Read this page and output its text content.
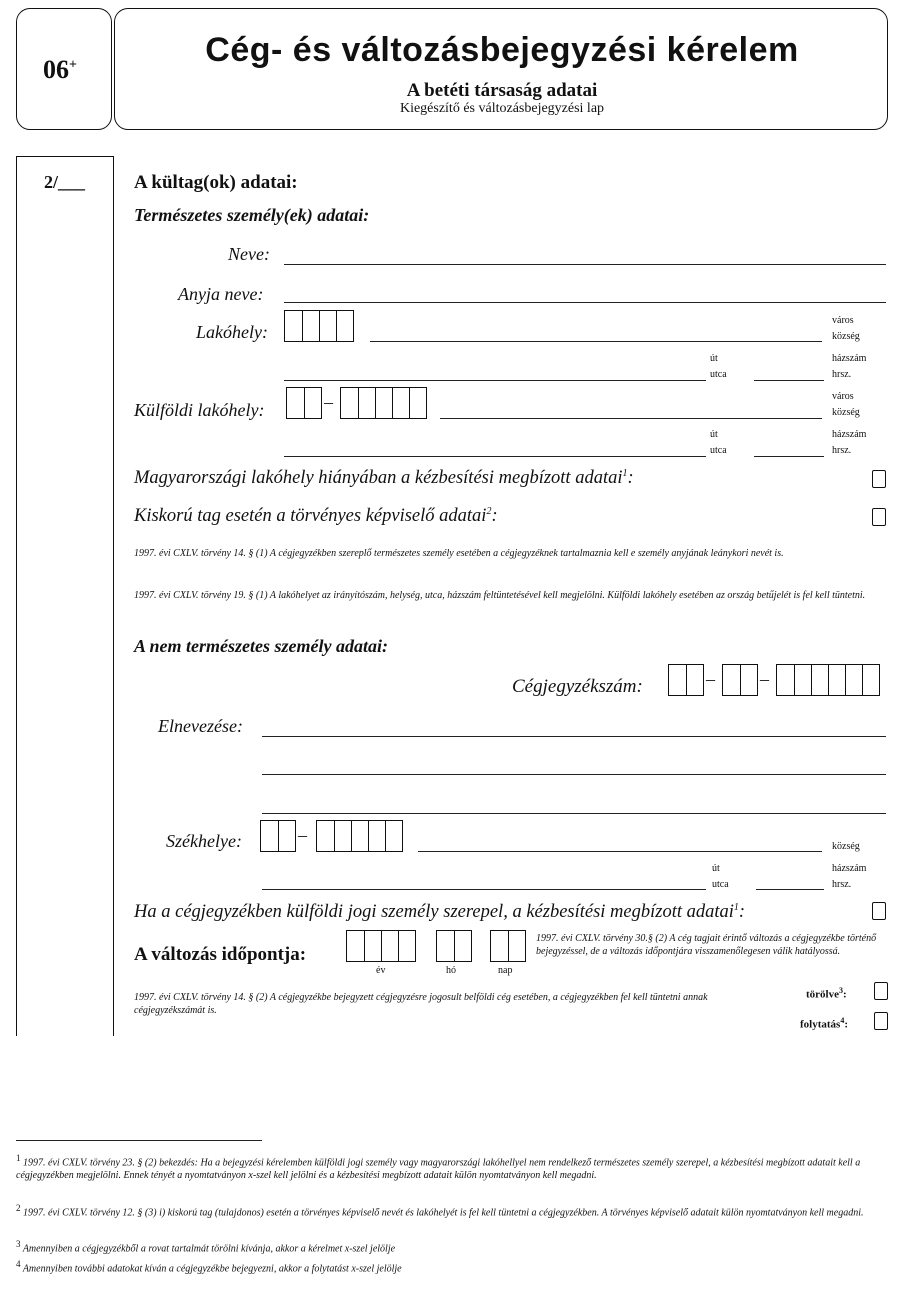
06+	Cég- és változásbejegyzési kérelem
A betéti társaság adatai
Kiegészítő és változásbejegyzési lap
2/___	A kültag(ok) adatai:
Természetes személy(ek) adatai:
Neve:
Anyja neve:
Lakóhely:
város
község
út
utca
házszám
hrsz.
Külföldi lakóhely:	–	város
község
út
utca
házszám
hrsz.
Magyarországi lakóhely hiányában a kézbesítési megbízott adatai$^1$:
Kiskorú tag esetén a törvényes képviselő adatai$^2$:
1997. évi CXLV. törvény 14. § (1) A cégjegyzékben szereplő természetes személy esetében a cégjegyzéknek tartalmaznia kell e személy anyjának leánykori nevét is.
1997. évi CXLV. törvény 19. § (1) A lakóhelyet az irányítószám, helység, utca, házszám feltüntetésével kell megjelölni. Külföldi lakóhely esetében az ország betűjelét is fel kell tüntetni.
A nem természetes személy adatai:
Cégjegyzékszám:	–	–
Elnevezése:
Székhelye:	–
község
út
utca
házszám
hrsz.
Ha a cégjegyzékben külföldi jogi személy szerepel, a kézbesítési megbízott adatai$^1$:
A változás időpontja:
év	hó	nap
1997. évi CXLV. törvény 30.§ (2) A cég tagjait érintő változás a cégjegyzékbe történő bejegyzéssel, de a változás időpontjára visszamenőlegesen válik hatályossá.
1997. évi CXLV. törvény 14. § (2) A cégjegyzékbe bejegyzett cégjegyzésre jogosult belföldi cég esetében, a cégjegyzékben fel kell tüntetni annak cégjegyzékszámát is.
törölve$^3$:
folytatás$^4$:
$^1$ 1997. évi CXLV. törvény 23. § (2) bekezdés: Ha a bejegyzési kérelemben külföldi jogi személy vagy magyarországi lakóhellyel nem rendelkező természetes személy szerepel, a kézbesítési megbízott adatait kell a cégjegyzékben megjelölni. Ennek tényét a nyomtatványon x-szel kell jelölni és a kézbesítési megbízott adatait külön nyomtatványon kell megadni.
$^2$ 1997. évi CXLV. törvény 12. § (3) i) kiskorú tag (tulajdonos) esetén a törvényes képviselő nevét és lakóhelyét is fel kell tüntetni a cégjegyzékben. A törvényes képviselő adatait külön nyomtatványon kell megadni.
$^3$ Amennyiben a cégjegyzékből a rovat tartalmát törölni kívánja, akkor a kérelmet x-szel jelölje
$^4$ Amennyiben további adatokat kíván a cégjegyzékbe bejegyezni, akkor a folytatást x-szel jelölje
